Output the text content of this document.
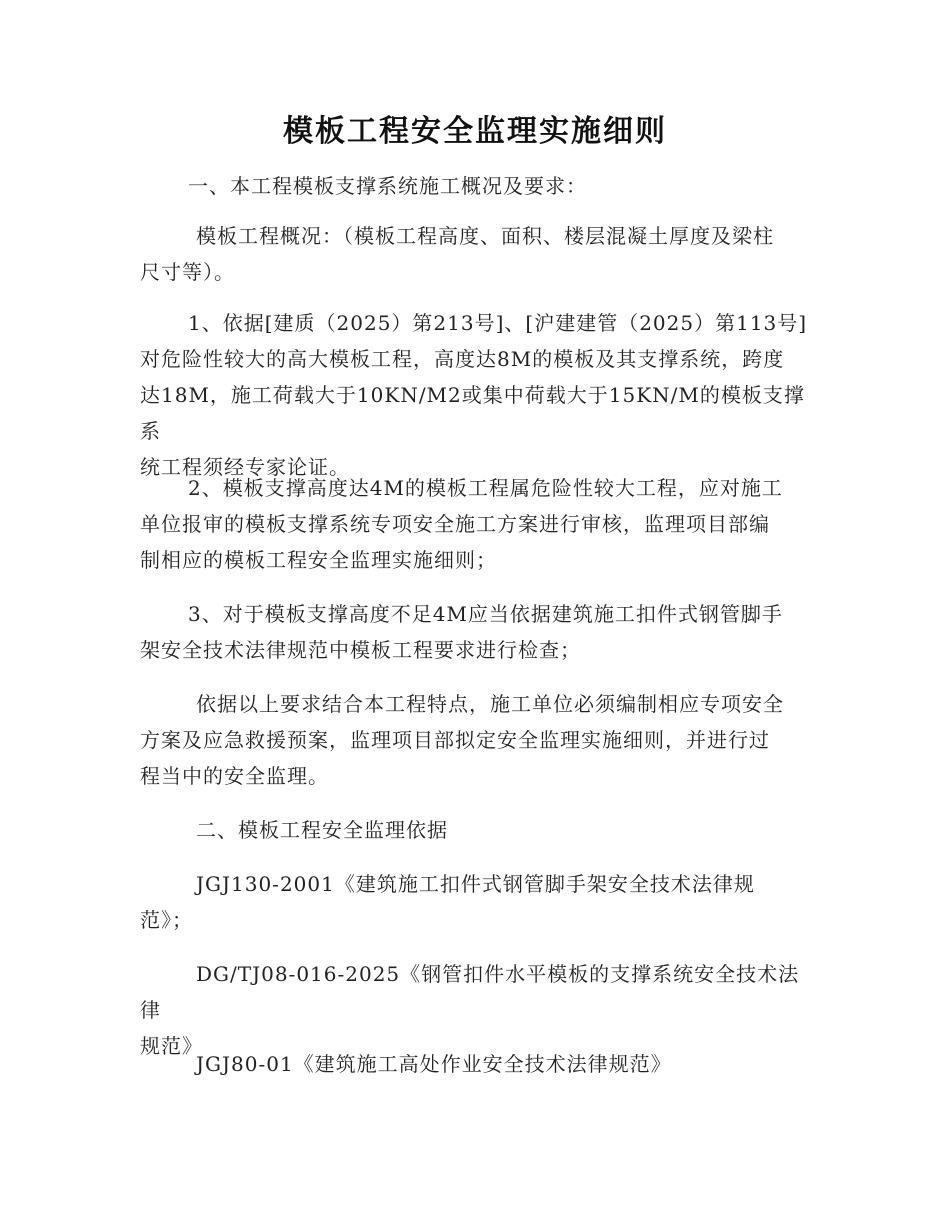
模板工程安全监理实施细则

一、本工程模板支撑系统施工概况及要求：

模板工程概况：（模板工程高度、面积、楼层混凝土厚度及梁柱
尺寸等）。

1、依据[建质（2025）第213号]、[沪建建管（2025）第113号]
对危险性较大的高大模板工程，高度达8M的模板及其支撑系统，跨度
达18M，施工荷载大于10KN/M2或集中荷载大于15KN/M的模板支撑系
统工程须经专家论证。

2、模板支撑高度达4M的模板工程属危险性较大工程，应对施工
单位报审的模板支撑系统专项安全施工方案进行审核，监理项目部编
制相应的模板工程安全监理实施细则；

3、对于模板支撑高度不足4M应当依据建筑施工扣件式钢管脚手
架安全技术法律规范中模板工程要求进行检查；

依据以上要求结合本工程特点，施工单位必须编制相应专项安全
方案及应急救援预案，监理项目部拟定安全监理实施细则，并进行过
程当中的安全监理。

二、模板工程安全监理依据

JGJ130-2001《建筑施工扣件式钢管脚手架安全技术法律规
范》；

DG/TJ08-016-2025《钢管扣件水平模板的支撑系统安全技术法律
规范》

JGJ80-01《建筑施工高处作业安全技术法律规范》
